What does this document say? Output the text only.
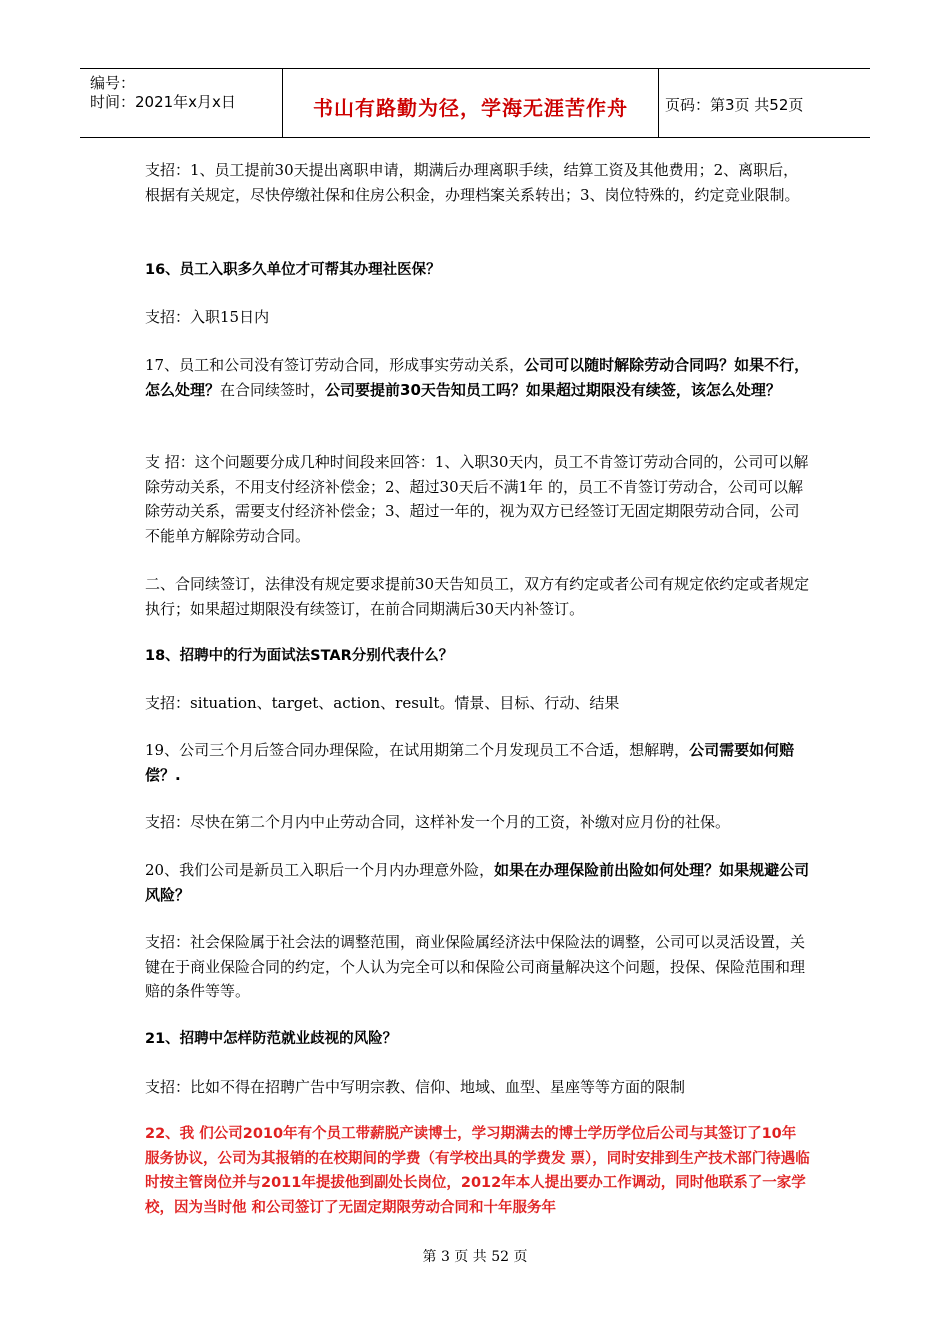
编号：
时间：2021年x月x日	书山有路勤为径，学海无涯苦作舟	页码：第3页 共52页
支招：1、员工提前30天提出离职申请，期满后办理离职手续，结算工资及其他费用；2、离职后，根据有关规定，尽快停缴社保和住房公积金，办理档案关系转出；3、岗位特殊的，约定竞业限制。
16、员工入职多久单位才可帮其办理社医保？
支招：入职15日内
17、员工和公司没有签订劳动合同，形成事实劳动关系，公司可以随时解除劳动合同吗？如果不行，怎么处理？在合同续签时，公司要提前30天告知员工吗？如果超过期限没有续签，该怎么处理？
支 招：这个问题要分成几种时间段来回答：1、入职30天内，员工不肯签订劳动合同的，公司可以解除劳动关系，不用支付经济补偿金；2、超过30天后不满1年 的，员工不肯签订劳动合，公司可以解除劳动关系，需要支付经济补偿金；3、超过一年的，视为双方已经签订无固定期限劳动合同，公司不能单方解除劳动合同。
二、合同续签订，法律没有规定要求提前30天告知员工，双方有约定或者公司有规定依约定或者规定执行；如果超过期限没有续签订，在前合同期满后30天内补签订。
18、招聘中的行为面试法STAR分别代表什么？
支招：situation、target、action、result。情景、目标、行动、结果
19、公司三个月后签合同办理保险，在试用期第二个月发现员工不合适，想解聘，公司需要如何赔偿？.
支招：尽快在第二个月内中止劳动合同，这样补发一个月的工资，补缴对应月份的社保。
20、我们公司是新员工入职后一个月内办理意外险，如果在办理保险前出险如何处理？如果规避公司风险？
支招：社会保险属于社会法的调整范围，商业保险属经济法中保险法的调整，公司可以灵活设置，关键在于商业保险合同的约定，个人认为完全可以和保险公司商量解决这个问题，投保、保险范围和理赔的条件等等。
21、招聘中怎样防范就业歧视的风险？
支招：比如不得在招聘广告中写明宗教、信仰、地域、血型、星座等等方面的限制
22、我 们公司2010年有个员工带薪脱产读博士，学习期满去的博士学历学位后公司与其签订了10年服务协议，公司为其报销的在校期间的学费（有学校出具的学费发 票），同时安排到生产技术部门待遇临时按主管岗位并与2011年提拔他到副处长岗位，2012年本人提出要办工作调动，同时他联系了一家学校，因为当时他 和公司签订了无固定期限劳动合同和十年服务年
第 3 页 共 52 页
